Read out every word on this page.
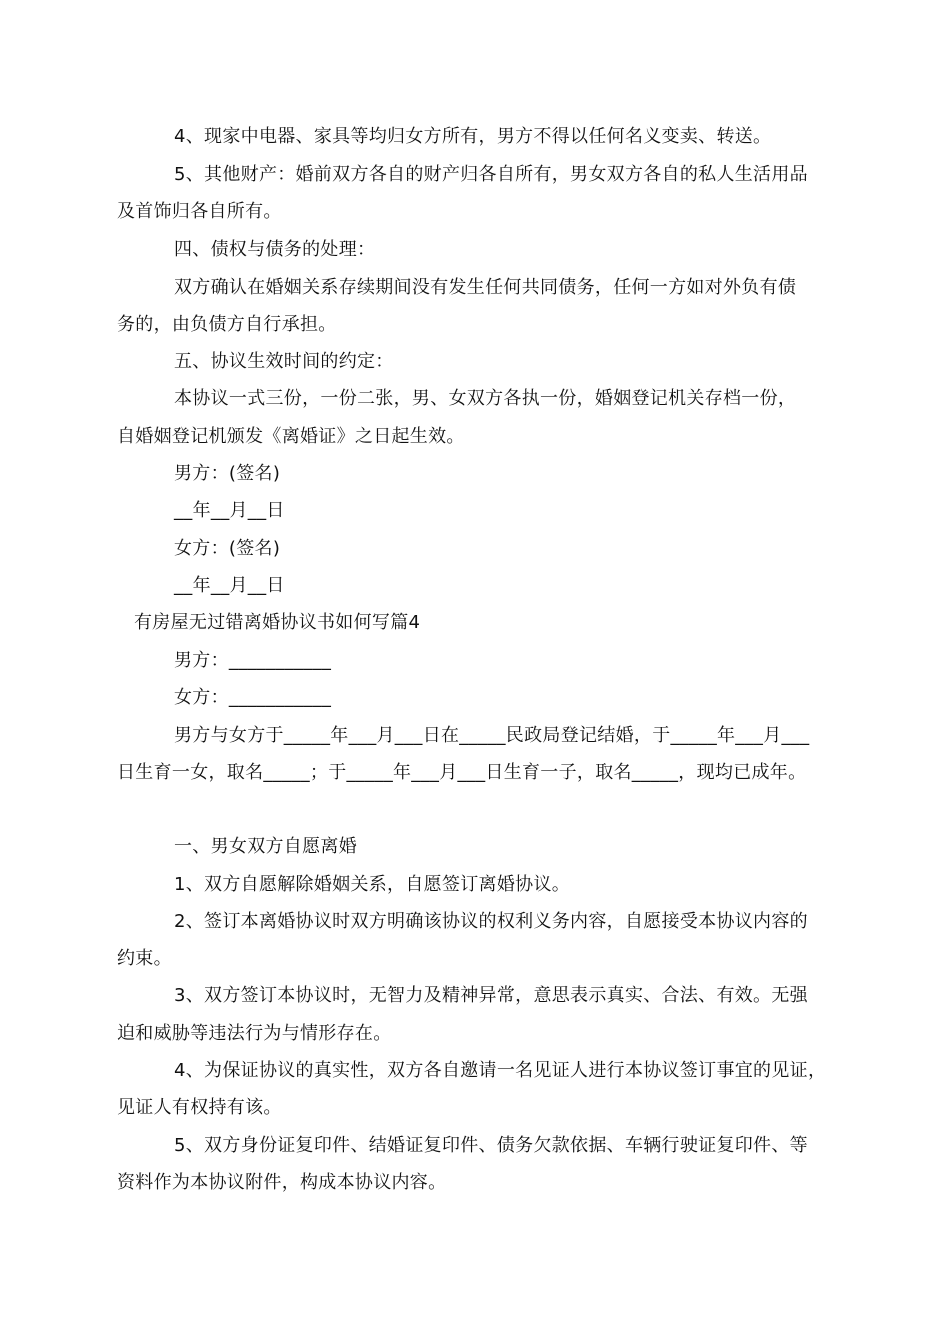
4、现家中电器、家具等均归女方所有，男方不得以任何名义变卖、转送。
5、其他财产：婚前双方各自的财产归各自所有，男女双方各自的私人生活用品
及首饰归各自所有。
四、债权与债务的处理：
双方确认在婚姻关系存续期间没有发生任何共同债务，任何一方如对外负有债
务的，由负债方自行承担。
五、协议生效时间的约定：
本协议一式三份，一份二张，男、女双方各执一份，婚姻登记机关存档一份，
自婚姻登记机颁发《离婚证》之日起生效。
男方：(签名)
__年__月__日
女方：(签名)
__年__月__日
有房屋无过错离婚协议书如何写篇4
男方：___________
女方：___________
男方与女方于_____年___月___日在_____民政局登记结婚，于_____年___月___
日生育一女，取名_____；于_____年___月___日生育一子，取名_____，现均已成年。
一、男女双方自愿离婚
1、双方自愿解除婚姻关系，自愿签订离婚协议。
2、签订本离婚协议时双方明确该协议的权利义务内容，自愿接受本协议内容的
约束。
3、双方签订本协议时，无智力及精神异常，意思表示真实、合法、有效。无强
迫和威胁等违法行为与情形存在。
4、为保证协议的真实性，双方各自邀请一名见证人进行本协议签订事宜的见证，
见证人有权持有该。
5、双方身份证复印件、结婚证复印件、债务欠款依据、车辆行驶证复印件、等
资料作为本协议附件，构成本协议内容。
